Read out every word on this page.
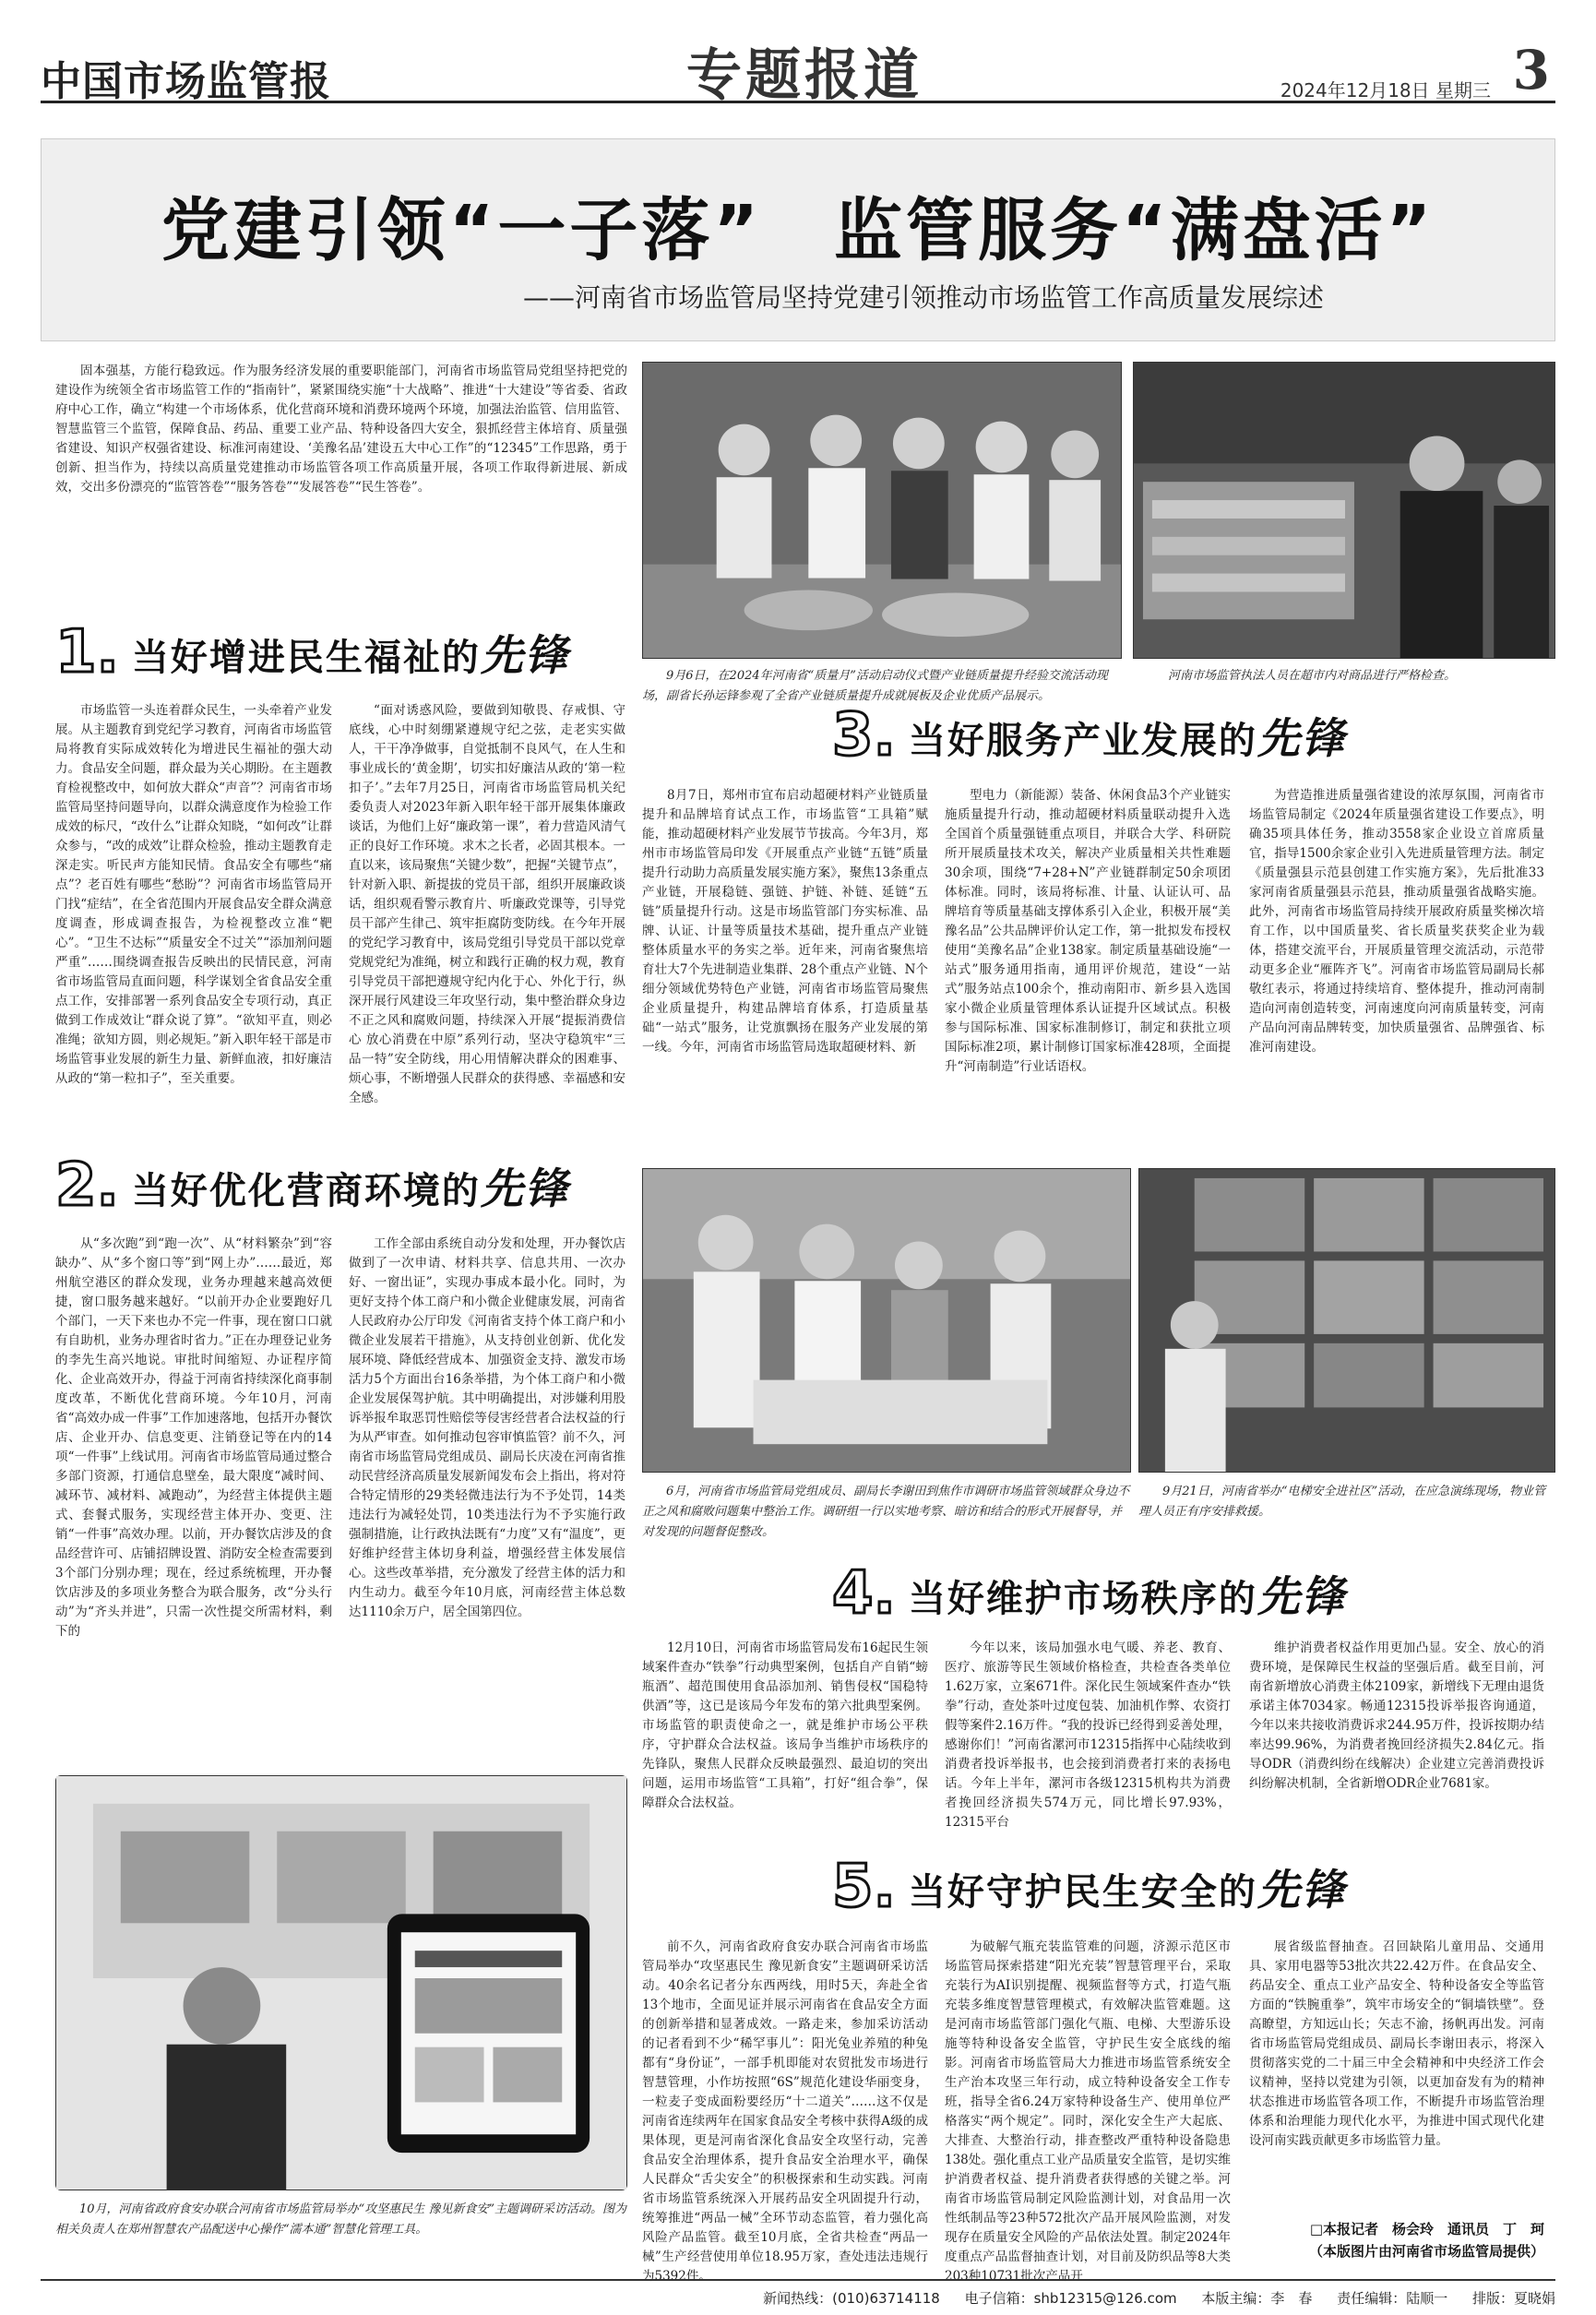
中国市场监管报	专题报道	2024年12月18日 星期三 3
党建引领“一子落”　监管服务“满盘活”
——河南省市场监管局坚持党建引领推动市场监管工作高质量发展综述
固本强基，方能行稳致远。作为服务经济发展的重要职能部门，河南省市场监管局党组坚持把党的建设作为统领全省市场监管工作的“指南针”，紧紧围绕实施“十大战略”、推进“十大建设”等省委、省政府中心工作，确立“构建一个市场体系，优化营商环境和消费环境两个环境，加强法治监管、信用监管、智慧监管三个监管，保障食品、药品、重要工业产品、特种设备四大安全，狠抓经营主体培育、质量强省建设、知识产权强省建设、标准河南建设、‘美豫名品’建设五大中心工作”的“12345”工作思路，勇于创新、担当作为，持续以高质量党建推动市场监管各项工作高质量开展，各项工作取得新进展、新成效，交出多份漂亮的“监管答卷”“服务答卷”“发展答卷”“民生答卷”。
9月6日，在2024年河南省“质量月”活动启动仪式暨产业链质量提升经验交流活动现场，副省长孙运锋参观了全省产业链质量提升成就展板及企业优质产品展示。
河南市场监管执法人员在超市内对商品进行严格检查。
1. 当好增进民生福祉的先锋
市场监管一头连着群众民生，一头牵着产业发展。从主题教育到党纪学习教育，河南省市场监管局将教育实际成效转化为增进民生福祉的强大动力。食品安全问题，群众最为关心期盼。在主题教育检视整改中，如何放大群众“声音”？河南省市场监管局坚持问题导向，以群众满意度作为检验工作成效的标尺，“改什么”让群众知晓，“如何改”让群众参与，“改的成效”让群众检验，推动主题教育走深走实。听民声方能知民情。食品安全有哪些“痛点”？老百姓有哪些“愁盼”？河南省市场监管局开门找“症结”，在全省范围内开展食品安全群众满意度调查，形成调查报告，为检视整改立准“靶心”。“卫生不达标”“质量安全不过关”“添加剂问题严重”……围绕调查报告反映出的民情民意，河南省市场监管局直面问题，科学谋划全省食品安全重点工作，安排部署一系列食品安全专项行动，真正做到工作成效让“群众说了算”。“欲知平直，则必准绳；欲知方圆，则必规矩。”新入职年轻干部是市场监管事业发展的新生力量、新鲜血液，扣好廉洁从政的“第一粒扣子”，至关重要。
“面对诱惑风险，要做到知敬畏、存戒惧、守底线，心中时刻绷紧遵规守纪之弦，走老实实做人，干干净净做事，自觉抵制不良风气，在人生和事业成长的‘黄金期’，切实扣好廉洁从政的‘第一粒扣子’。”去年7月25日，河南省市场监管局机关纪委负责人对2023年新入职年轻干部开展集体廉政谈话，为他们上好“廉政第一课”，着力营造风清气正的良好工作环境。求木之长者，必固其根本。一直以来，该局聚焦“关键少数”，把握“关键节点”，针对新入职、新提拔的党员干部，组织开展廉政谈话，组织观看警示教育片、听廉政党课等，引导党员干部产生律己、筑牢拒腐防变防线。在今年开展的党纪学习教育中，该局党组引导党员干部以党章党规党纪为准绳，树立和践行正确的权力观，教育引导党员干部把遵规守纪内化于心、外化于行，纵深开展行风建设三年攻坚行动，集中整治群众身边不正之风和腐败问题，持续深入开展“提振消费信心 放心消费在中原”系列行动，坚决守稳筑牢“三品一特”安全防线，用心用情解决群众的困难事、烦心事，不断增强人民群众的获得感、幸福感和安全感。
3. 当好服务产业发展的先锋
8月7日，郑州市宜布启动超硬材料产业链质量提升和品牌培育试点工作，市场监管“工具箱”赋能，推动超硬材料产业发展节节拔高。今年3月，郑州市市场监管局印发《开展重点产业链“五链”质量提升行动助力高质量发展实施方案》，聚焦13条重点产业链，开展稳链、强链、护链、补链、延链“五链”质量提升行动。这是市场监管部门夯实标准、品牌、认证、计量等质量技术基础，提升重点产业链整体质量水平的务实之举。近年来，河南省聚焦培育壮大7个先进制造业集群、28个重点产业链、N个细分领域优势特色产业链，河南省市场监管局聚焦企业质量提升，构建品牌培育体系，打造质量基础“一站式”服务，让党旗飘扬在服务产业发展的第一线。今年，河南省市场监管局选取超硬材料、新
型电力（新能源）装备、休闲食品3个产业链实施质量提升行动，推动超硬材料质量联动提升入选全国首个质量强链重点项目，并联合大学、科研院所开展质量技术攻关，解决产业质量相关共性难题30余项，围绕“7+28+N”产业链群制定50余项团体标准。同时，该局将标准、计量、认证认可、品牌培育等质量基础支撑体系引入企业，积极开展“美豫名品”公共品牌评价认定工作，第一批拟发布授权使用“美豫名品”企业138家。制定质量基础设施“一站式”服务通用指南，通用评价规范，建设“一站式”服务站点100余个，推动南阳市、新乡县入选国家小微企业质量管理体系认证提升区域试点。积极参与国际标准、国家标准制修订，制定和获批立项国际标准2项，累计制修订国家标准428项，全面提升“河南制造”行业话语权。
为营造推进质量强省建设的浓厚氛围，河南省市场监管局制定《2024年质量强省建设工作要点》，明确35项具体任务，推动3558家企业设立首席质量官，指导1500余家企业引入先进质量管理方法。制定《质量强县示范县创建工作实施方案》，先后批准33家河南省质量强县示范县，推动质量强省战略实施。此外，河南省市场监管局持续开展政府质量奖梯次培育工作，以中国质量奖、省长质量奖获奖企业为载体，搭建交流平台，开展质量管理交流活动，示范带动更多企业“雁阵齐飞”。河南省市场监管局副局长郝敬红表示，将通过持续培育、整体提升，推动河南制造向河南创造转变，河南速度向河南质量转变，河南产品向河南品牌转变，加快质量强省、品牌强省、标准河南建设。
2. 当好优化营商环境的先锋
从“多次跑”到“跑一次”、从“材料繁杂”到“容缺办”、从“多个窗口等”到“网上办”……最近，郑州航空港区的群众发现，业务办理越来越高效便捷，窗口服务越来越好。“以前开办企业要跑好几个部门，一天下来也办不完一件事，现在窗口口就有自助机，业务办理省时省力。”正在办理登记业务的李先生高兴地说。审批时间缩短、办证程序简化、企业高效开办，得益于河南省持续深化商事制度改革，不断优化营商环境。今年10月，河南省“高效办成一件事”工作加速落地，包括开办餐饮店、企业开办、信息变更、注销登记等在内的14项“一件事”上线试用。河南省市场监管局通过整合多部门资源，打通信息壁垒，最大限度“减时间、减环节、减材料、减跑动”，为经营主体提供主题式、套餐式服务，实现经营主体开办、变更、注销“一件事”高效办理。以前，开办餐饮店涉及的食品经营许可、店铺招牌设置、消防安全检查需要到3个部门分别办理；现在，经过系统梳理，开办餐饮店涉及的多项业务整合为联合服务，改“分头行动”为“齐头并进”，只需一次性提交所需材料，剩下的
工作全部由系统自动分发和处理，开办餐饮店做到了一次申请、材料共享、信息共用、一次办好、一窗出证”，实现办事成本最小化。同时，为更好支持个体工商户和小微企业健康发展，河南省人民政府办公厅印发《河南省支持个体工商户和小微企业发展若干措施》，从支持创业创新、优化发展环境、降低经营成本、加强资金支持、激发市场活力5个方面出台16条举措，为个体工商户和小微企业发展保驾护航。其中明确提出，对涉嫌利用股诉举报牟取恶罚性赔偿等侵害经营者合法权益的行为从严审查。如何推动包容审慎监管？前不久，河南省市场监管局党组成员、副局长庆凌在河南省推动民营经济高质量发展新闻发布会上指出，将对符合特定情形的29类轻微违法行为不予处罚，14类违法行为减轻处罚，10类违法行为不予实施行政强制措施，让行政执法既有“力度”又有“温度”，更好维护经营主体切身利益，增强经营主体发展信心。这些改革举措，充分激发了经营主体的活力和内生动力。截至今年10月底，河南经营主体总数达1110余万户，居全国第四位。
6月，河南省市场监管局党组成员、副局长李谢田到焦作市调研市场监管领域群众身边不正之风和腐败问题集中整治工作。调研组一行以实地考察、暗访和结合的形式开展督导，并对发现的问题督促整改。
9月21日，河南省举办“电梯安全进社区”活动，在应急演练现场，物业管理人员正有序安排救援。
4. 当好维护市场秩序的先锋
12月10日，河南省市场监管局发布16起民生领域案件查办“铁拳”行动典型案例，包括自产自销“螃瓶酒”、超范围使用食品添加剂、销售侵权“国稳特供酒”等，这已是该局今年发布的第六批典型案例。市场监管的职责使命之一，就是维护市场公平秩序，守护群众合法权益。该局争当维护市场秩序的先锋队，聚焦人民群众反映最强烈、最迫切的突出问题，运用市场监管“工具箱”，打好“组合拳”，保障群众合法权益。
今年以来，该局加强水电气暖、养老、教育、医疗、旅游等民生领域价格检查，共检查各类单位1.62万家，立案671件。深化民生领域案件查办“铁拳”行动，查处茶叶过度包装、加油机作弊、农资打假等案件2.16万件。“我的投诉已经得到妥善处理，感谢你们！”河南省漯河市12315指挥中心陆续收到消费者投诉举报书，也会接到消费者打来的表扬电话。今年上半年，漯河市各级12315机构共为消费者挽回经济损失574万元，同比增长97.93%，12315平台
维护消费者权益作用更加凸显。安全、放心的消费环境，是保障民生权益的坚强后盾。截至目前，河南省新增放心消费主体2109家，新增线下无理由退货承诺主体7034家。畅通12315投诉举报咨询通道，今年以来共接收消费诉求244.95万件，投诉按期办结率达99.96%，为消费者挽回经济损失2.84亿元。指导ODR（消费纠纷在线解决）企业建立完善消费投诉纠纷解决机制，全省新增ODR企业7681家。
10月，河南省政府食安办联合河南省市场监管局举办“攻坚惠民生 豫见新食安”主题调研采访活动。图为相关负责人在郑州智慧农产品配送中心操作“濡本通”智慧化管理工具。
5. 当好守护民生安全的先锋
前不久，河南省政府食安办联合河南省市场监管局举办“攻坚惠民生 豫见新食安”主题调研采访活动。40余名记者分东西两线，用时5天，奔赴全省13个地市，全面见证并展示河南省在食品安全方面的创新举措和显著成效。一路走来，参加采访活动的记者看到不少“稀罕事儿”：阳光兔业养殖的种兔都有“身份证”，一部手机即能对农贸批发市场进行智慧管理，小作坊按照“6S”规范化建设华丽变身，一粒麦子变成面粉要经历“十二道关”……这不仅是河南省连续两年在国家食品安全考核中获得A级的成果体现，更是河南省深化食品安全攻坚行动，完善食品安全治理体系，提升食品安全治理水平，确保人民群众“舌尖安全”的积极探索和生动实践。河南省市场监管系统深入开展药品安全巩固提升行动，统筹推进“两品一械”全环节动态监管，着力强化高风险产品监管。截至10月底，全省共检查“两品一械”生产经营使用单位18.95万家，查处违法违规行为5392件。
为破解气瓶充装监管难的问题，济源示范区市场监管局探索搭建“阳光充装”智慧管理平台，采取充装行为AI识别提醒、视频监督等方式，打造气瓶充装多维度智慧管理模式，有效解决监管难题。这是河南市场监管部门强化气瓶、电梯、大型游乐设施等特种设备安全监管，守护民生安全底线的缩影。河南省市场监管局大力推进市场监管系统安全生产治本攻坚三年行动，成立特种设备安全工作专班，指导全省6.24万家特种设备生产、使用单位严格落实“两个规定”。同时，深化安全生产大起底、大排查、大整治行动，排查整改严重特种设备隐患138处。强化重点工业产品质量安全监管，是切实维护消费者权益、提升消费者获得感的关键之举。河南省市场监管局制定风险监测计划，对食品用一次性纸制品等23种572批次产品开展风险监测，对发现存在质量安全风险的产品依法处置。制定2024年度重点产品监督抽查计划，对目前及防织品等8大类203种10731批次产品开
展省级监督抽查。召回缺陷儿童用品、交通用具、家用电器等53批次共22.42万件。在食品安全、药品安全、重点工业产品安全、特种设备安全等监管方面的“铁腕重拳”，筑牢市场安全的“铜墙铁壁”。登高瞭望，方知远山长；矢志不渝，扬帆再出发。河南省市场监管局党组成员、副局长李谢田表示，将深入贯彻落实党的二十届三中全会精神和中央经济工作会议精神，坚持以党建为引领，以更加奋发有为的精神状态推进市场监管各项工作，不断提升市场监管治理体系和治理能力现代化水平，为推进中国式现代化建设河南实践贡献更多市场监管力量。
□本报记者　杨会玲　通讯员　丁　珂
（本版图片由河南省市场监管局提供）
新闻热线：(010)63714118 电子信箱：shb12315@126.com 本版主编：李　春 责任编辑：陆顺一 排版：夏晓娟
